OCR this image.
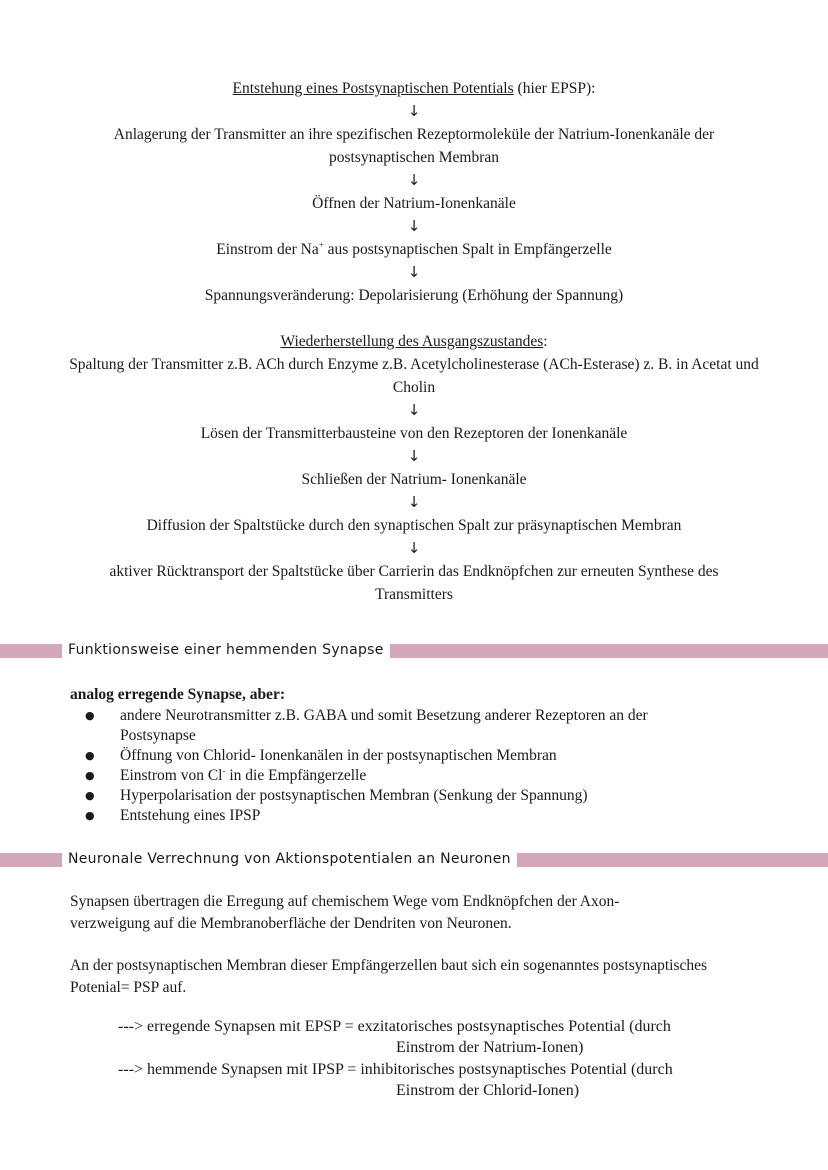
Entstehung eines Postsynaptischen Potentials (hier EPSP):
↓
Anlagerung der Transmitter an ihre spezifischen Rezeptormoleküle der Natrium-Ionenkanäle der postsynaptischen Membran
↓
Öffnen der Natrium-Ionenkanäle
↓
Einstrom der Na+ aus postsynaptischen Spalt in Empfängerzelle
↓
Spannungsveränderung: Depolarisierung (Erhöhung der Spannung)
Wiederherstellung des Ausgangszustandes:
Spaltung der Transmitter z.B. ACh durch Enzyme z.B. Acetylcholinesterase (ACh-Esterase) z. B. in Acetat und Cholin
↓
Lösen der Transmitterbausteine von den Rezeptoren der Ionenkanäle
↓
Schließen der Natrium- Ionenkanäle
↓
Diffusion der Spaltstücke durch den synaptischen Spalt zur präsynaptischen Membran
↓
aktiver Rücktransport der Spaltstücke über Carrierin das Endknöpfchen zur erneuten Synthese des Transmitters
Funktionsweise einer hemmenden Synapse
analog erregende Synapse, aber:
● andere Neurotransmitter z.B. GABA und somit Besetzung anderer Rezeptoren an der Postsynapse
● Öffnung von Chlorid- Ionenkanälen in der postsynaptischen Membran
● Einstrom von Cl- in die Empfängerzelle
● Hyperpolarisation der postsynaptischen Membran (Senkung der Spannung)
● Entstehung eines IPSP
Neuronale Verrechnung von Aktionspotentialen an Neuronen
Synapsen übertragen die Erregung auf chemischem Wege vom Endknöpfchen der Axon-verzweigung auf die Membranoberfläche der Dendriten von Neuronen.
An der postsynaptischen Membran dieser Empfängerzellen baut sich ein sogenanntes postsynaptisches Potenial= PSP auf.
---> erregende Synapsen mit EPSP = exzitatorisches postsynaptisches Potential (durch
Einstrom der Natrium-Ionen)
---> hemmende Synapsen mit IPSP = inhibitorisches postsynaptisches Potential (durch
Einstrom der Chlorid-Ionen)
